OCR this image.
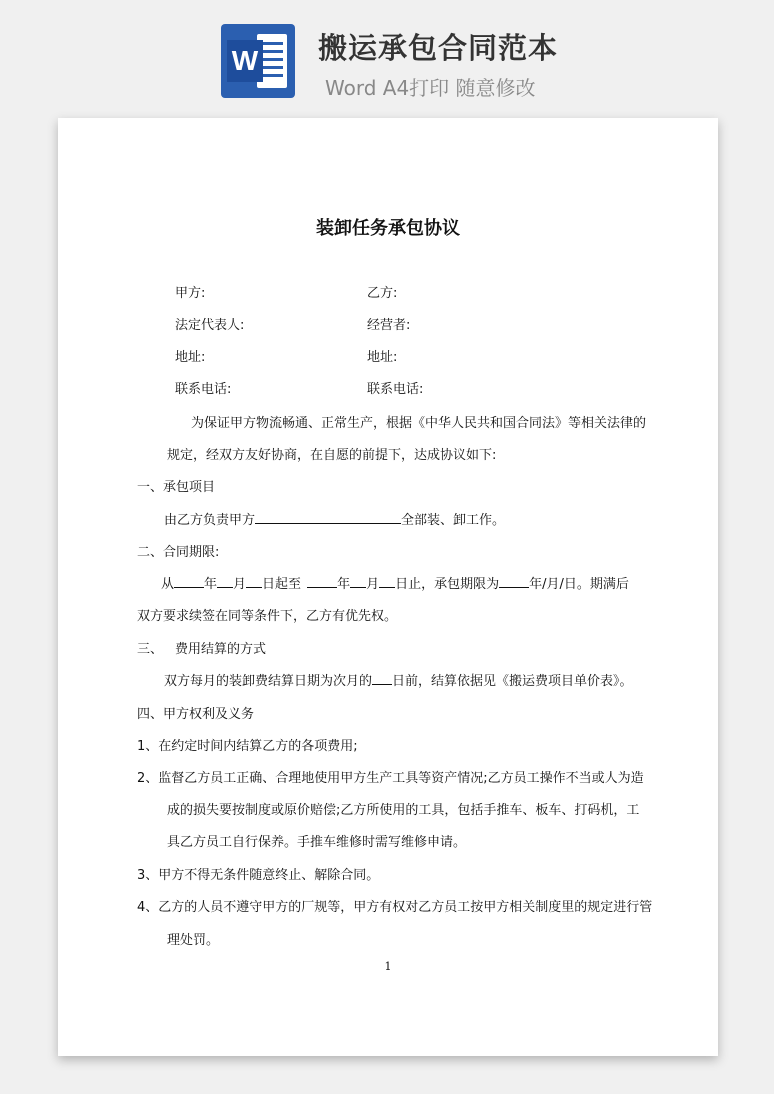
W 搬运承包合同范本
Word A4打印 随意修改
装卸任务承包协议
甲方:	乙方:
法定代表人:	经营者:
地址:	地址:
联系电话:	联系电话:
为保证甲方物流畅通、正常生产，根据《中华人民共和国合同法》等相关法律的
规定，经双方友好协商，在自愿的前提下，达成协议如下:
一、承包项目
由乙方负责甲方	全部装、卸工作。
二、合同期限:
从 年 月 日起至	年 月 日止，承包期限为 年/月/日。期满后
双方要求续签在同等条件下，乙方有优先权。
三、 费用结算的方式
双方每月的装卸费结算日期为次月的 日前，结算依据见《搬运费项目单价表》。
四、甲方权利及义务
1、在约定时间内结算乙方的各项费用;
2、监督乙方员工正确、合理地使用甲方生产工具等资产情况;乙方员工操作不当或人为造
成的损失要按制度或原价赔偿;乙方所使用的工具，包括手推车、板车、打码机，工
具乙方员工自行保养。手推车维修时需写维修申请。
3、甲方不得无条件随意终止、解除合同。
4、乙方的人员不遵守甲方的厂规等，甲方有权对乙方员工按甲方相关制度里的规定进行管
理处罚。
1
